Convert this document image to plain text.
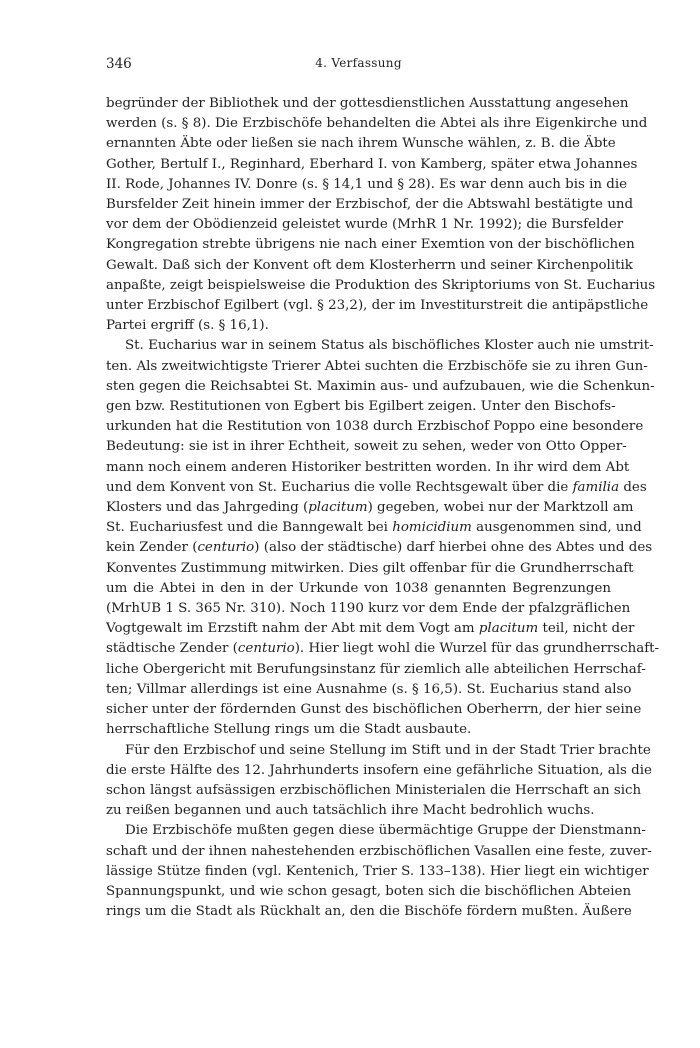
346	4. Verfassung
begründer der Bibliothek und der gottesdienstlichen Ausstattung angesehen
werden (s. § 8). Die Erzbischöfe behandelten die Abtei als ihre Eigenkirche und
ernannten Äbte oder ließen sie nach ihrem Wunsche wählen, z. B. die Äbte
Gother, Bertulf I., Reginhard, Eberhard I. von Kamberg, später etwa Johannes
II. Rode, Johannes IV. Donre (s. § 14,1 und § 28). Es war denn auch bis in die
Bursfelder Zeit hinein immer der Erzbischof, der die Abtswahl bestätigte und
vor dem der Obödienzeid geleistet wurde (MrhR 1 Nr. 1992); die Bursfelder
Kongregation strebte übrigens nie nach einer Exemtion von der bischöflichen
Gewalt. Daß sich der Konvent oft dem Klosterherrn und seiner Kirchenpolitik
anpaßte, zeigt beispielsweise die Produktion des Skriptoriums von St. Eucharius
unter Erzbischof Egilbert (vgl. § 23,2), der im Investiturstreit die antipäpstliche
Partei ergriff (s. § 16,1).
St. Eucharius war in seinem Status als bischöfliches Kloster auch nie umstrit-
ten. Als zweitwichtigste Trierer Abtei suchten die Erzbischöfe sie zu ihren Gun-
sten gegen die Reichsabtei St. Maximin aus- und aufzubauen, wie die Schenkun-
gen bzw. Restitutionen von Egbert bis Egilbert zeigen. Unter den Bischofs-
urkunden hat die Restitution von 1038 durch Erzbischof Poppo eine besondere
Bedeutung: sie ist in ihrer Echtheit, soweit zu sehen, weder von Otto Opper-
mann noch einem anderen Historiker bestritten worden. In ihr wird dem Abt
und dem Konvent von St. Eucharius die volle Rechtsgewalt über die familia des
Klosters und das Jahrgeding (placitum) gegeben, wobei nur der Marktzoll am
St. Euchariusfest und die Banngewalt bei homicidium ausgenommen sind, und
kein Zender (centurio) (also der städtische) darf hierbei ohne des Abtes und des
Konventes Zustimmung mitwirken. Dies gilt offenbar für die Grundherrschaft
um die Abtei in den in der Urkunde von 1038 genannten Begrenzungen
(MrhUB 1 S. 365 Nr. 310). Noch 1190 kurz vor dem Ende der pfalzgräflichen
Vogtgewalt im Erzstift nahm der Abt mit dem Vogt am placitum teil, nicht der
städtische Zender (centurio). Hier liegt wohl die Wurzel für das grundherrschaft-
liche Obergericht mit Berufungsinstanz für ziemlich alle abteilichen Herrschaf-
ten; Villmar allerdings ist eine Ausnahme (s. § 16,5). St. Eucharius stand also
sicher unter der fördernden Gunst des bischöflichen Oberherrn, der hier seine
herrschaftliche Stellung rings um die Stadt ausbaute.
Für den Erzbischof und seine Stellung im Stift und in der Stadt Trier brachte
die erste Hälfte des 12. Jahrhunderts insofern eine gefährliche Situation, als die
schon längst aufsässigen erzbischöflichen Ministerialen die Herrschaft an sich
zu reißen begannen und auch tatsächlich ihre Macht bedrohlich wuchs.
Die Erzbischöfe mußten gegen diese übermächtige Gruppe der Dienstmann-
schaft und der ihnen nahestehenden erzbischöflichen Vasallen eine feste, zuver-
lässige Stütze finden (vgl. Kentenich, Trier S. 133–138). Hier liegt ein wichtiger
Spannungspunkt, und wie schon gesagt, boten sich die bischöflichen Abteien
rings um die Stadt als Rückhalt an, den die Bischöfe fördern mußten. Äußere
